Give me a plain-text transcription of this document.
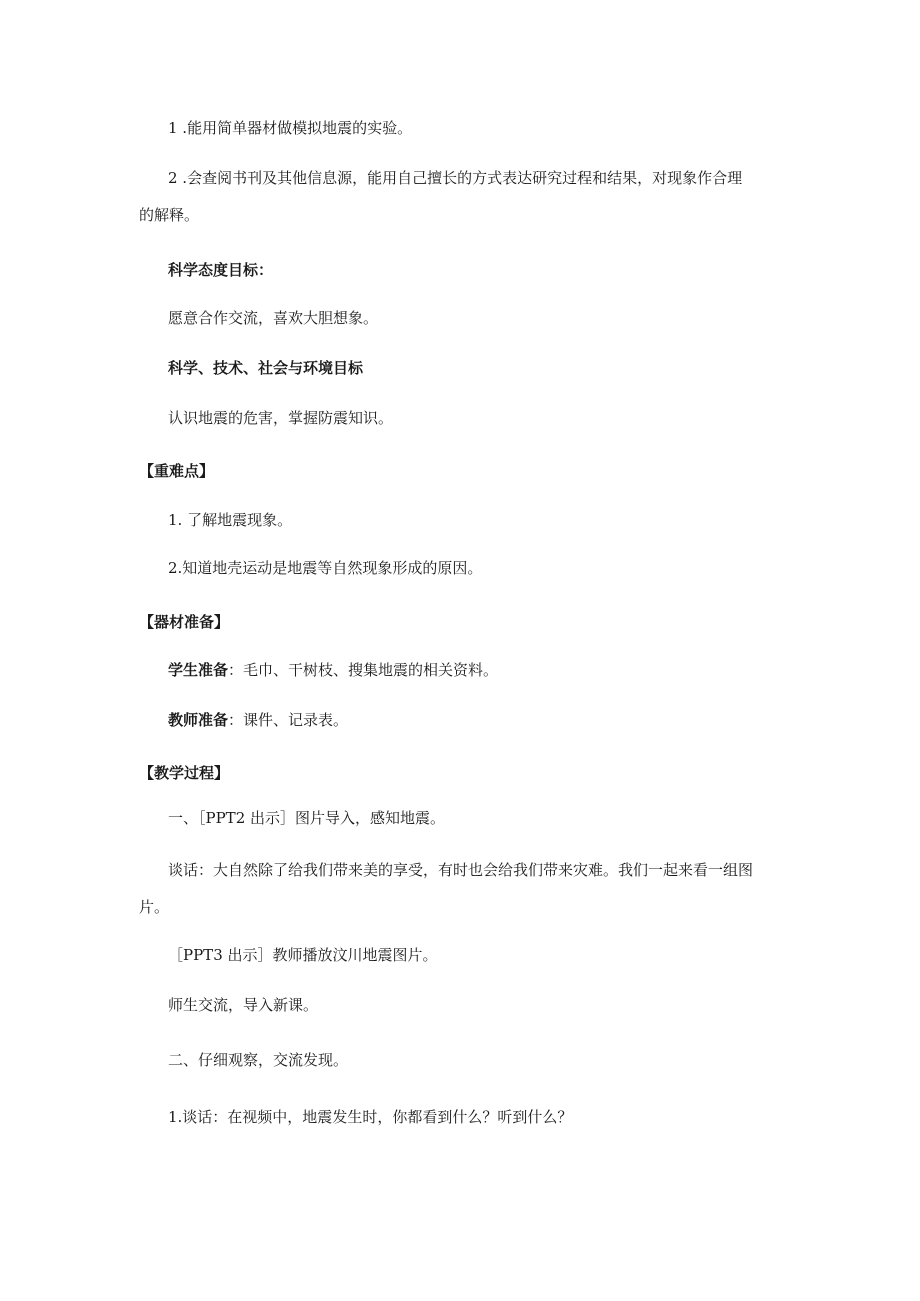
1 .能用简单器材做模拟地震的实验。
2 .会查阅书刊及其他信息源，能用自己擅长的方式表达研究过程和结果，对现象作合理
的解释。
科学态度目标：
愿意合作交流，喜欢大胆想象。
科学、技术、社会与环境目标
认识地震的危害，掌握防震知识。
【重难点】
1. 了解地震现象。
2.知道地壳运动是地震等自然现象形成的原因。
【器材准备】
学生准备：毛巾、干树枝、搜集地震的相关资料。
教师准备：课件、记录表。
【教学过程】
一、［PPT2 出示］图片导入，感知地震。
谈话：大自然除了给我们带来美的享受，有时也会给我们带来灾难。我们一起来看一组图
片。
［PPT3 出示］教师播放汶川地震图片。
师生交流，导入新课。
二、仔细观察，交流发现。
1.谈话：在视频中，地震发生时，你都看到什么？听到什么？
